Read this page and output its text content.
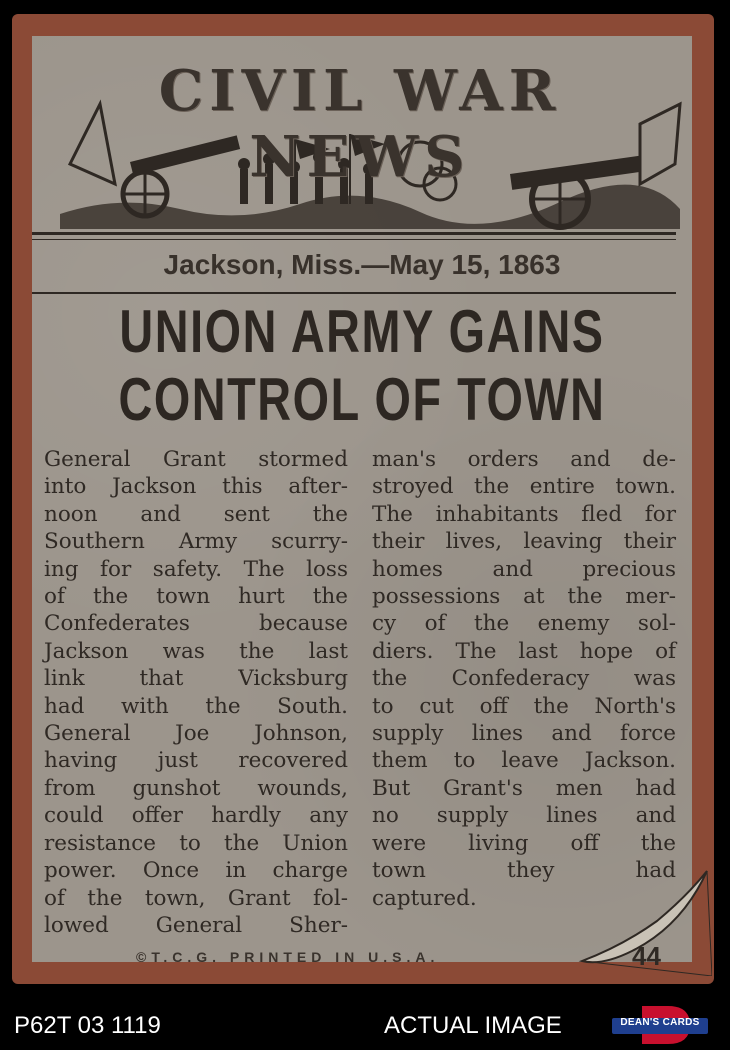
CIVIL WAR NEWS
Jackson, Miss.—May 15, 1863
UNION ARMY GAINS
CONTROL OF TOWN
General Grant stormed
into Jackson this after-
noon and sent the
Southern Army scurry-
ing for safety. The loss
of the town hurt the
Confederates because
Jackson was the last
link that Vicksburg
had with the South.
General Joe Johnson,
having just recovered
from gunshot wounds,
could offer hardly any
resistance to the Union
power. Once in charge
of the town, Grant fol-
lowed General Sher-
man's orders and de-
stroyed the entire town.
The inhabitants fled for
their lives, leaving their
homes and precious
possessions at the mer-
cy of the enemy sol-
diers. The last hope of
the Confederacy was
to cut off the North's
supply lines and force
them to leave Jackson.
But Grant's men had
no supply lines and
were living off the
town they had
captured.
©T.C.G. PRINTED IN U.S.A.	44
P62T 03 1119	ACTUAL IMAGE	DEAN'S CARDS
